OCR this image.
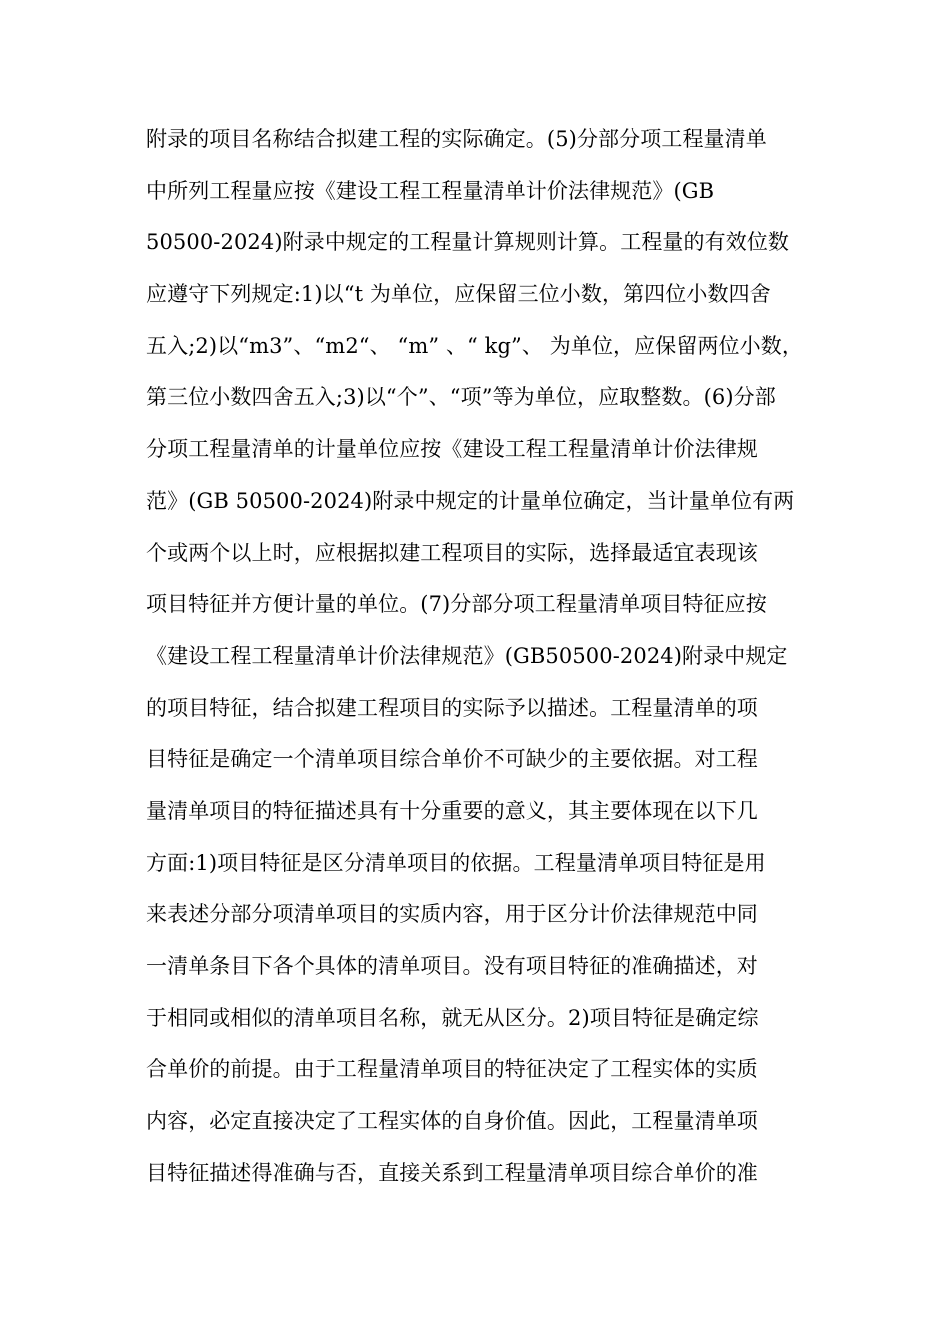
附录的项目名称结合拟建工程的实际确定。(5)分部分项工程量清单
中所列工程量应按《建设工程工程量清单计价法律规范》(GB
50500-2024)附录中规定的工程量计算规则计算。工程量的有效位数
应遵守下列规定:1)以“t 为单位，应保留三位小数，第四位小数四舍
五入;2)以“m3”、“m2“、 “m” 、“ kg”、 为单位，应保留两位小数，
第三位小数四舍五入;3)以“个”、“项”等为单位，应取整数。(6)分部
分项工程量清单的计量单位应按《建设工程工程量清单计价法律规
范》(GB 50500-2024)附录中规定的计量单位确定，当计量单位有两
个或两个以上时，应根据拟建工程项目的实际，选择最适宜表现该
项目特征并方便计量的单位。(7)分部分项工程量清单项目特征应按
《建设工程工程量清单计价法律规范》(GB50500-2024)附录中规定
的项目特征，结合拟建工程项目的实际予以描述。工程量清单的项
目特征是确定一个清单项目综合单价不可缺少的主要依据。对工程
量清单项目的特征描述具有十分重要的意义，其主要体现在以下几
方面:1)项目特征是区分清单项目的依据。工程量清单项目特征是用
来表述分部分项清单项目的实质内容，用于区分计价法律规范中同
一清单条目下各个具体的清单项目。没有项目特征的准确描述，对
于相同或相似的清单项目名称，就无从区分。2)项目特征是确定综
合单价的前提。由于工程量清单项目的特征决定了工程实体的实质
内容，必定直接决定了工程实体的自身价值。因此，工程量清单项
目特征描述得准确与否，直接关系到工程量清单项目综合单价的准
